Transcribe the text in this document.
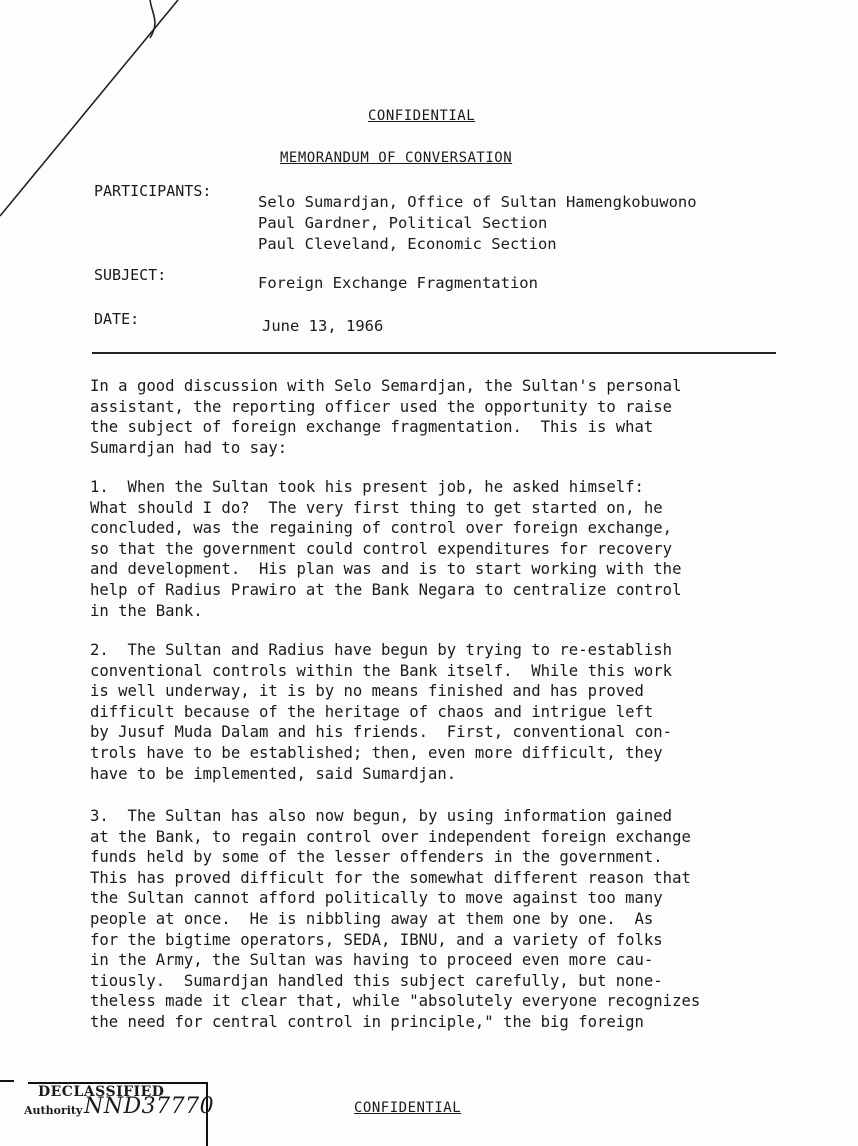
CONFIDENTIAL
MEMORANDUM OF CONVERSATION
PARTICIPANTS:
Selo Sumardjan, Office of Sultan Hamengkobuwono
Paul Gardner, Political Section
Paul Cleveland, Economic Section
SUBJECT:	Foreign Exchange Fragmentation
DATE:	June 13, 1966
In a good discussion with Selo Semardjan, the Sultan's personal
assistant, the reporting officer used the opportunity to raise
the subject of foreign exchange fragmentation.  This is what
Sumardjan had to say:
1.  When the Sultan took his present job, he asked himself:
What should I do?  The very first thing to get started on, he
concluded, was the regaining of control over foreign exchange,
so that the government could control expenditures for recovery
and development.  His plan was and is to start working with the
help of Radius Prawiro at the Bank Negara to centralize control
in the Bank.
2.  The Sultan and Radius have begun by trying to re-establish
conventional controls within the Bank itself.  While this work
is well underway, it is by no means finished and has proved
difficult because of the heritage of chaos and intrigue left
by Jusuf Muda Dalam and his friends.  First, conventional con-
trols have to be established; then, even more difficult, they
have to be implemented, said Sumardjan.
3.  The Sultan has also now begun, by using information gained
at the Bank, to regain control over independent foreign exchange
funds held by some of the lesser offenders in the government.
This has proved difficult for the somewhat different reason that
the Sultan cannot afford politically to move against too many
people at once.  He is nibbling away at them one by one.  As
for the bigtime operators, SEDA, IBNU, and a variety of folks
in the Army, the Sultan was having to proceed even more cau-
tiously.  Sumardjan handled this subject carefully, but none-
theless made it clear that, while "absolutely everyone recognizes
the need for central control in principle," the big foreign
DECLASSIFIED
Authority NND37770	CONFIDENTIAL
